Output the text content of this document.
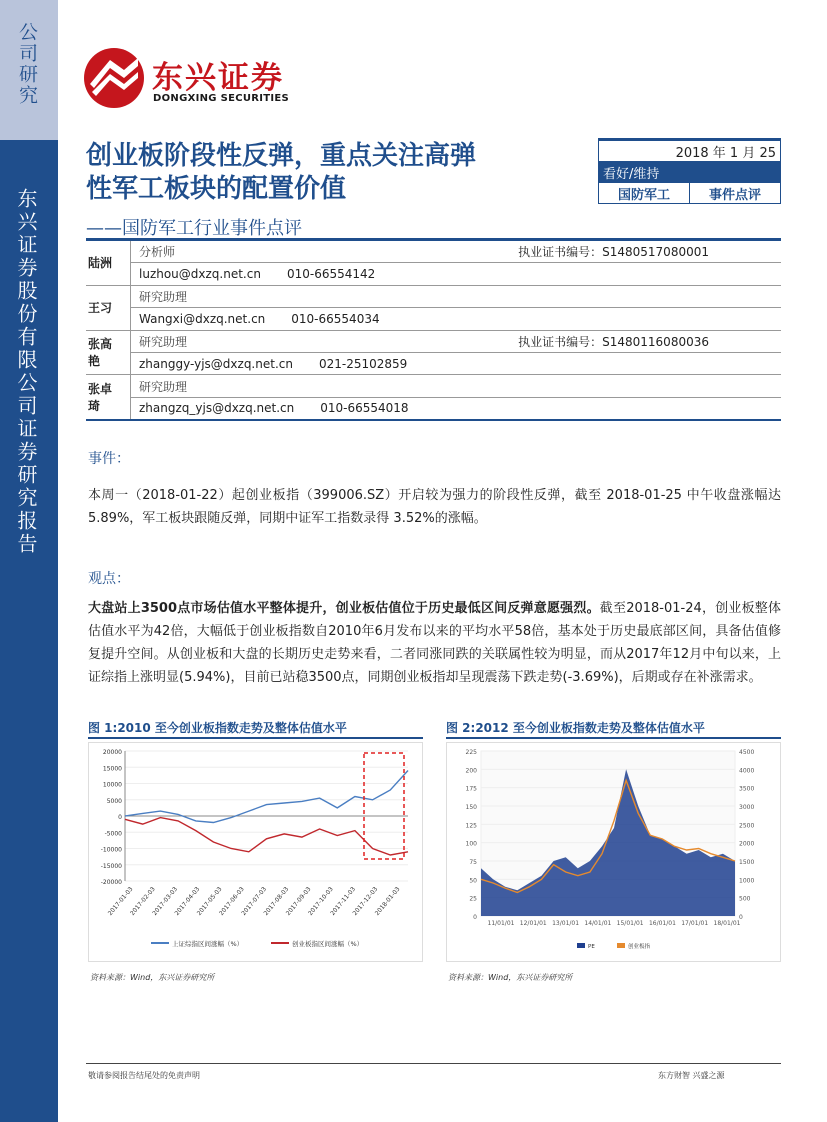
公司研究
东兴证券股份有限公司证券研究报告
东兴证券
DONGXING SECURITIES
创业板阶段性反弹，重点关注高弹
性军工板块的配置价值
——国防军工行业事件点评
2018 年 1 月 25
看好/维持
国防军工	事件点评
陆洲	分析师	执业证书编号：S1480517080001
	luzhou@dxzq.net.cn 010-66554142	
王习	研究助理	
	Wangxi@dxzq.net.cn 010-66554034	
张高艳	研究助理	执业证书编号：S1480116080036
	zhanggy-yjs@dxzq.net.cn 021-25102859	
张卓琦	研究助理	
	zhangzq_yjs@dxzq.net.cn 010-66554018	
事件：
本周一（2018-01-22）起创业板指（399006.SZ）开启较为强力的阶段性反弹，截至 2018-01-25 中午收盘涨幅达 5.89%，军工板块跟随反弹，同期中证军工指数录得 3.52%的涨幅。
观点：
大盘站上3500点市场估值水平整体提升，创业板估值位于历史最低区间反弹意愿强烈。截至2018-01-24，创业板整体估值水平为42倍，大幅低于创业板指数自2010年6月发布以来的平均水平58倍，基本处于历史最底部区间，具备估值修复提升空间。从创业板和大盘的长期历史走势来看，二者同涨同跌的关联属性较为明显，而从2017年12月中旬以来，上证综指上涨明显(5.94%)，目前已站稳3500点，同期创业板指却呈现震荡下跌走势(-3.69%)，后期或存在补涨需求。
图 1:2010 至今创业板指数走势及整体估值水平
20000
15000
10000
5000
0
-5000
-10000
-15000
-20000
2017-01-03
2017-02-03
2017-03-03
2017-04-03
2017-05-03
2017-06-03
2017-07-03
2017-08-03
2017-09-03
2017-10-03
2017-11-03
2017-12-03
2018-01-03
上证综指区间涨幅（%）	创业板指区间涨幅（%）
资料来源：Wind，东兴证券研究所
图 2:2012 至今创业板指数走势及整体估值水平
225
200
175
150
125
100
75
50
25
0
4500
4000
3500
3000
2500
2000
1500
1000
500
0
11/01/01 12/01/01 13/01/01 14/01/01 15/01/01 16/01/01 17/01/01 18/01/01
PE	创业板指
资料来源：Wind，东兴证券研究所
敬请参阅报告结尾处的免责声明	东方财智 兴盛之源
